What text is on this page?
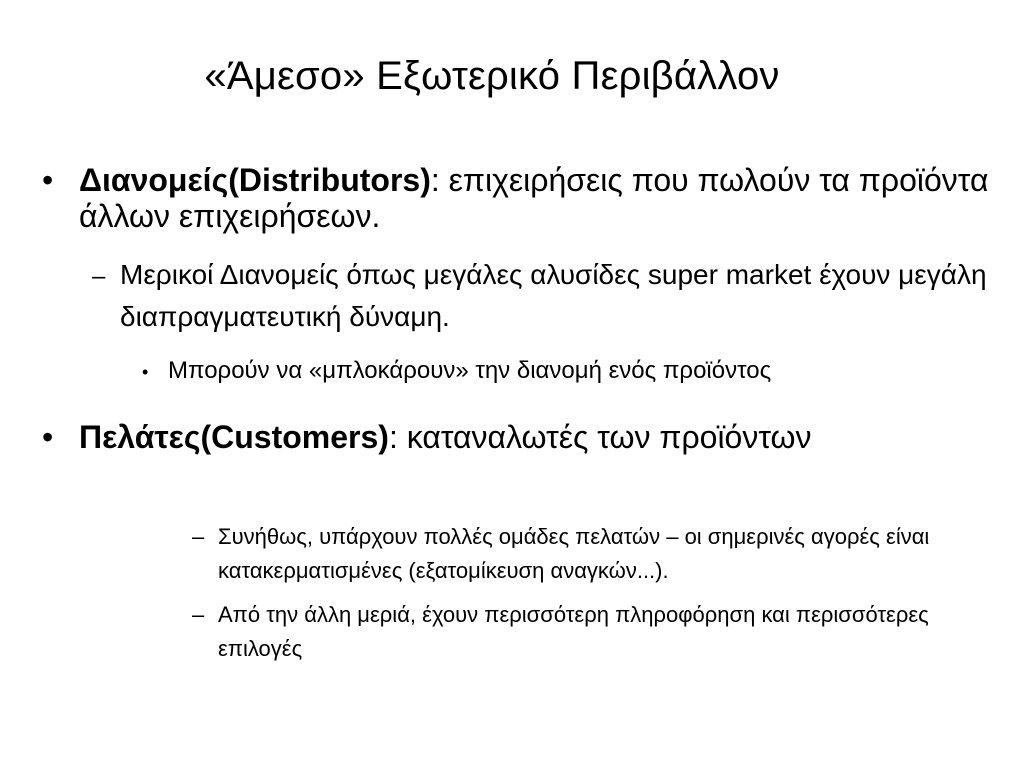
«Άμεσο» Εξωτερικό Περιβάλλον
• Διανομείς(Distributors): επιχειρήσεις που πωλούν τα προϊόντα άλλων επιχειρήσεων.

– Μερικοί Διανομείς όπως μεγάλες αλυσίδες super market έχουν μεγάλη διαπραγματευτική δύναμη.

• Μπορούν να «μπλοκάρουν» την διανομή ενός προϊόντος

• Πελάτες(Customers): καταναλωτές των προϊόντων

– Συνήθως, υπάρχουν πολλές ομάδες πελατών – οι σημερινές αγορές είναι κατακερματισμένες (εξατομίκευση αναγκών...).

– Από την άλλη μεριά, έχουν περισσότερη πληροφόρηση και περισσότερες επιλογές
